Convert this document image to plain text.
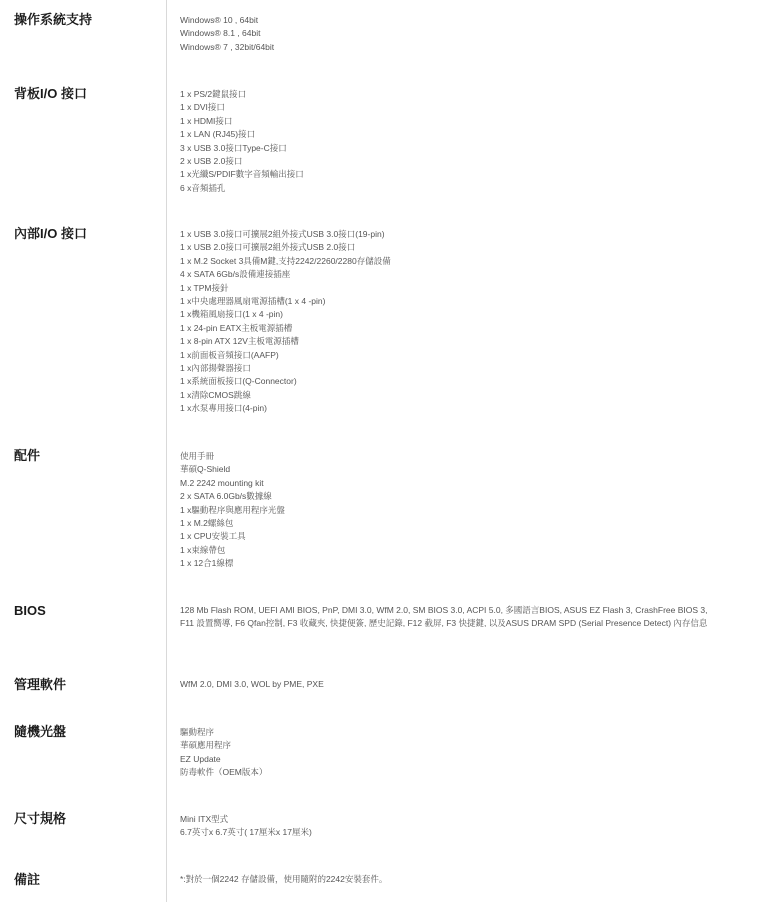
操作系統支持	Windows® 10 , 64bit
Windows® 8.1 , 64bit
Windows® 7 , 32bit/64bit
背板I/O 接口	1 x PS/2鍵鼠接口
1 x DVI接口
1 x HDMI接口
1 x LAN (RJ45)接口
3 x USB 3.0接口Type-C接口
2 x USB 2.0接口
1 x光纖S/PDIF數字音頻輸出接口
6 x音頻插孔
內部I/O 接口	1 x USB 3.0接口可擴展2組外接式USB 3.0接口(19-pin)
1 x USB 2.0接口可擴展2組外接式USB 2.0接口
1 x M.2 Socket 3具備M鍵,支持2242/2260/2280存儲設備
4 x SATA 6Gb/s設備連接插座
1 x TPM接針
1 x中央處理器風扇電源插槽(1 x 4 -pin)
1 x機箱風扇接口(1 x 4 -pin)
1 x 24-pin EATX主板電源插槽
1 x 8-pin ATX 12V主板電源插槽
1 x前面板音頻接口(AAFP)
1 x內部揚聲器接口
1 x系統面板接口(Q-Connector)
1 x清除CMOS跳線
1 x水泵專用接口(4-pin)
配件	使用手冊
華碩Q-Shield
M.2 2242 mounting kit
2 x SATA 6.0Gb/s數據線
1 x驅動程序與應用程序光盤
1 x M.2螺絲包
1 x CPU安裝工具
1 x束線帶包
1 x 12合1線標
BIOS	128 Mb Flash ROM, UEFI AMI BIOS, PnP, DMI 3.0, WfM 2.0, SM BIOS 3.0, ACPI 5.0, 多國語言BIOS, ASUS EZ Flash 3, CrashFree BIOS 3, F11 設置嚮導, F6 Qfan控制, F3 收藏夾, 快捷便簽, 歷史記錄, F12 截屏, F3 快捷鍵, 以及ASUS DRAM SPD (Serial Presence Detect) 內存信息
管理軟件	WfM 2.0, DMI 3.0, WOL by PME, PXE
隨機光盤	驅動程序
華碩應用程序
EZ Update
防毒軟件（OEM版本）
尺寸規格	Mini ITX型式
6.7英寸x 6.7英寸( 17厘米x 17厘米)
備註	*:對於一個2242 存儲設備，使用隨附的2242安裝套件。
